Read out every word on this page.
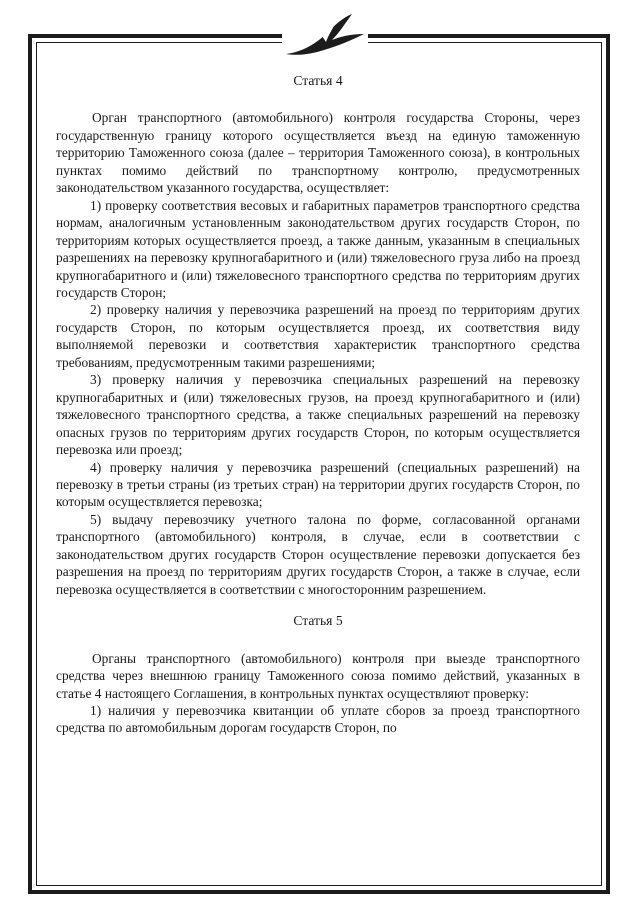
Статья 4

Орган транспортного (автомобильного) контроля государства Стороны, через государственную границу которого осуществляется въезд на единую таможенную территорию Таможенного союза (далее – территория Таможенного союза), в контрольных пунктах помимо действий по транспортному контролю, предусмотренных законодательством указанного государства, осуществляет:

1) проверку соответствия весовых и габаритных параметров транспортного средства нормам, аналогичным установленным законодательством других государств Сторон, по территориям которых осуществляется проезд, а также данным, указанным в специальных разрешениях на перевозку крупногабаритного и (или) тяжеловесного груза либо на проезд крупногабаритного и (или) тяжеловесного транспортного средства по территориям других государств Сторон;

2) проверку наличия у перевозчика разрешений на проезд по территориям других государств Сторон, по которым осуществляется проезд, их соответствия виду выполняемой перевозки и соответствия характеристик транспортного средства требованиям, предусмотренным такими разрешениями;

3) проверку наличия у перевозчика специальных разрешений на перевозку крупногабаритных и (или) тяжеловесных грузов, на проезд крупногабаритного и (или) тяжеловесного транспортного средства, а также специальных разрешений на перевозку опасных грузов по территориям других государств Сторон, по которым осуществляется перевозка или проезд;

4) проверку наличия у перевозчика разрешений (специальных разрешений) на перевозку в третьи страны (из третьих стран) на территории других государств Сторон, по которым осуществляется перевозка;

5) выдачу перевозчику учетного талона по форме, согласованной органами транспортного (автомобильного) контроля, в случае, если в соответствии с законодательством других государств Сторон осуществление перевозки допускается без разрешения на проезд по территориям других государств Сторон, а также в случае, если перевозка осуществляется в соответствии с многосторонним разрешением.

Статья 5

Органы транспортного (автомобильного) контроля при выезде транспортного средства через внешнюю границу Таможенного союза помимо действий, указанных в статье 4 настоящего Соглашения, в контрольных пунктах осуществляют проверку:

1) наличия у перевозчика квитанции об уплате сборов за проезд транспортного средства по автомобильным дорогам государств Сторон, по
